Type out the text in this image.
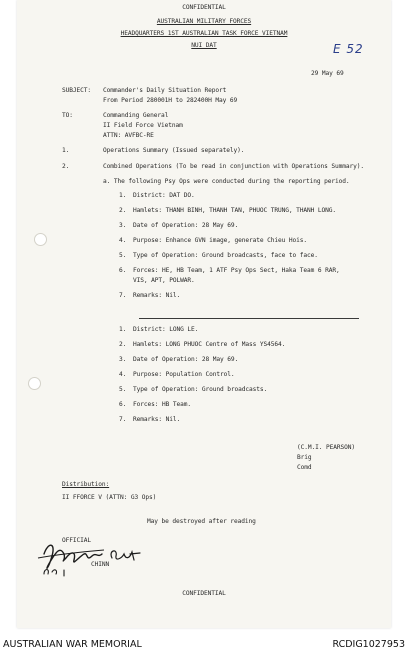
CONFIDENTIAL
AUSTRALIAN MILITARY FORCES
HEADQUARTERS 1ST AUSTRALIAN TASK FORCE VIETNAM
NUI DAT	E 52
29 May 69
SUBJECT: Commander's Daily Situation Report
From Period 280001H to 282400H May 69
TO:	Commanding General
II Field Force Vietnam
ATTN: AVFBC-RE
1.	Operations Summary (Issued separately).
2.	Combined Operations (To be read in conjunction with Operations Summary).
a. The following Psy Ops were conducted during the reporting period.
1. District: DAT DO.
2. Hamlets: THANH BINH, THANH TAN, PHUOC TRUNG, THANH LONG.
3. Date of Operation: 28 May 69.
4. Purpose: Enhance GVN image, generate Chieu Hois.
5. Type of Operation: Ground broadcasts, face to face.
6. Forces: HE, HB Team, 1 ATF Psy Ops Sect, Haka Team 6 RAR,
VIS, APT, POLWAR.
7. Remarks: Nil.
1. District: LONG LE.
2. Hamlets: LONG PHUOC Centre of Mass YS4564.
3. Date of Operation: 28 May 69.
4. Purpose: Population Control.
5. Type of Operation: Ground broadcasts.
6. Forces: HB Team.
7. Remarks: Nil.
(C.M.I. PEARSON)
Brig
Comd
Distribution:
II FFORCE V (ATTN: G3 Ops)
May be destroyed after reading
OFFICIAL
CHINN
CONFIDENTIAL
AUSTRALIAN WAR MEMORIAL	RCDIG1027953
